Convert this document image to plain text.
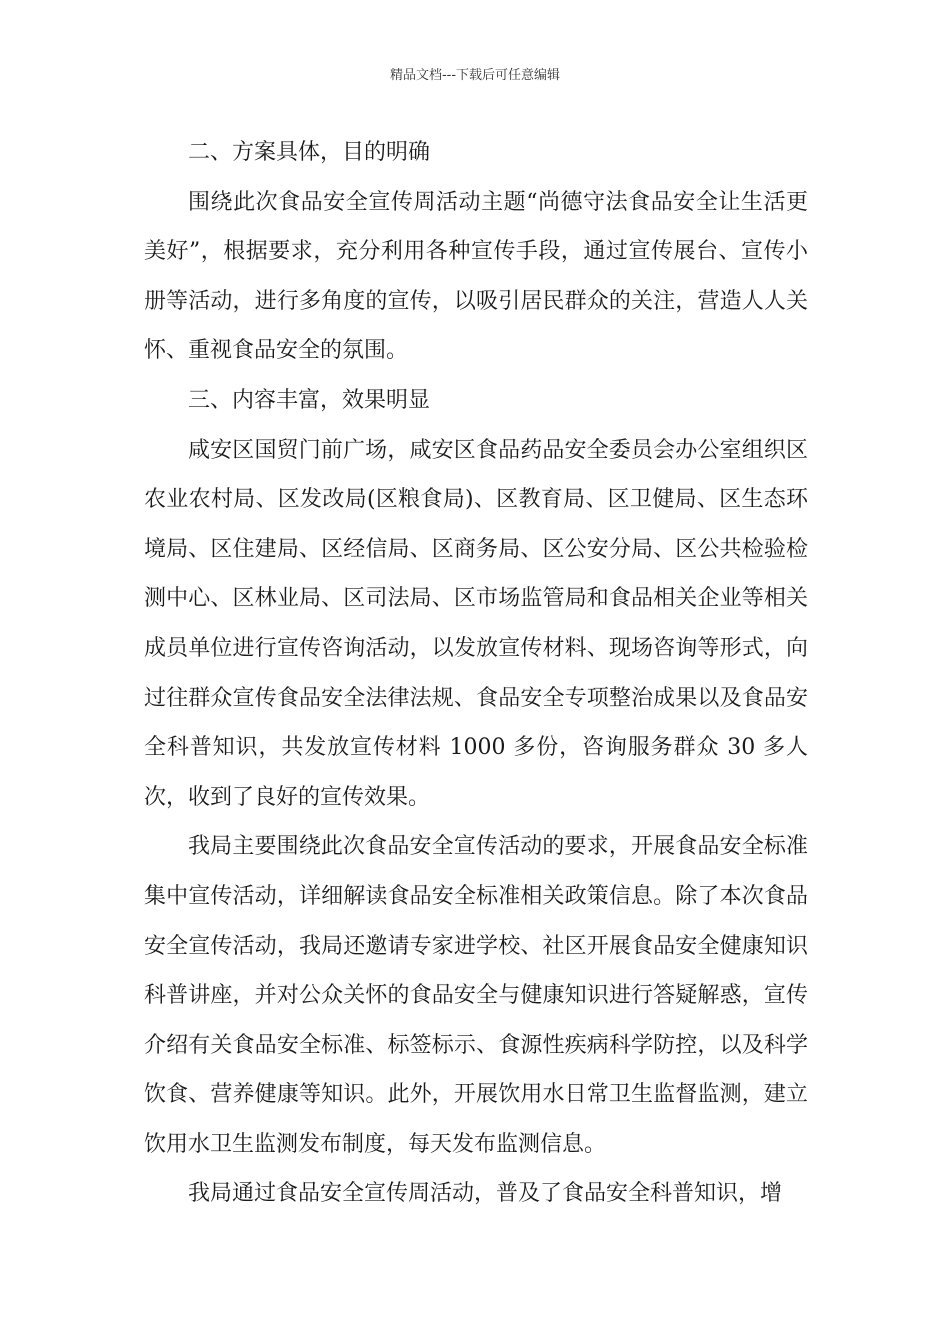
精品文档---下载后可任意编辑

二、方案具体，目的明确

围绕此次食品安全宣传周活动主题“尚德守法食品安全让生活更美好”，根据要求，充分利用各种宣传手段，通过宣传展台、宣传小册等活动，进行多角度的宣传，以吸引居民群众的关注，营造人人关怀、重视食品安全的氛围。

三、内容丰富，效果明显

咸安区国贸门前广场，咸安区食品药品安全委员会办公室组织区农业农村局、区发改局(区粮食局)、区教育局、区卫健局、区生态环境局、区住建局、区经信局、区商务局、区公安分局、区公共检验检测中心、区林业局、区司法局、区市场监管局和食品相关企业等相关成员单位进行宣传咨询活动，以发放宣传材料、现场咨询等形式，向过往群众宣传食品安全法律法规、食品安全专项整治成果以及食品安全科普知识，共发放宣传材料 1000 多份，咨询服务群众 30 多人次，收到了良好的宣传效果。

我局主要围绕此次食品安全宣传活动的要求，开展食品安全标准集中宣传活动，详细解读食品安全标准相关政策信息。除了本次食品安全宣传活动，我局还邀请专家进学校、社区开展食品安全健康知识科普讲座，并对公众关怀的食品安全与健康知识进行答疑解惑，宣传介绍有关食品安全标准、标签标示、食源性疾病科学防控，以及科学饮食、营养健康等知识。此外，开展饮用水日常卫生监督监测，建立饮用水卫生监测发布制度，每天发布监测信息。

我局通过食品安全宣传周活动，普及了食品安全科普知识，增
